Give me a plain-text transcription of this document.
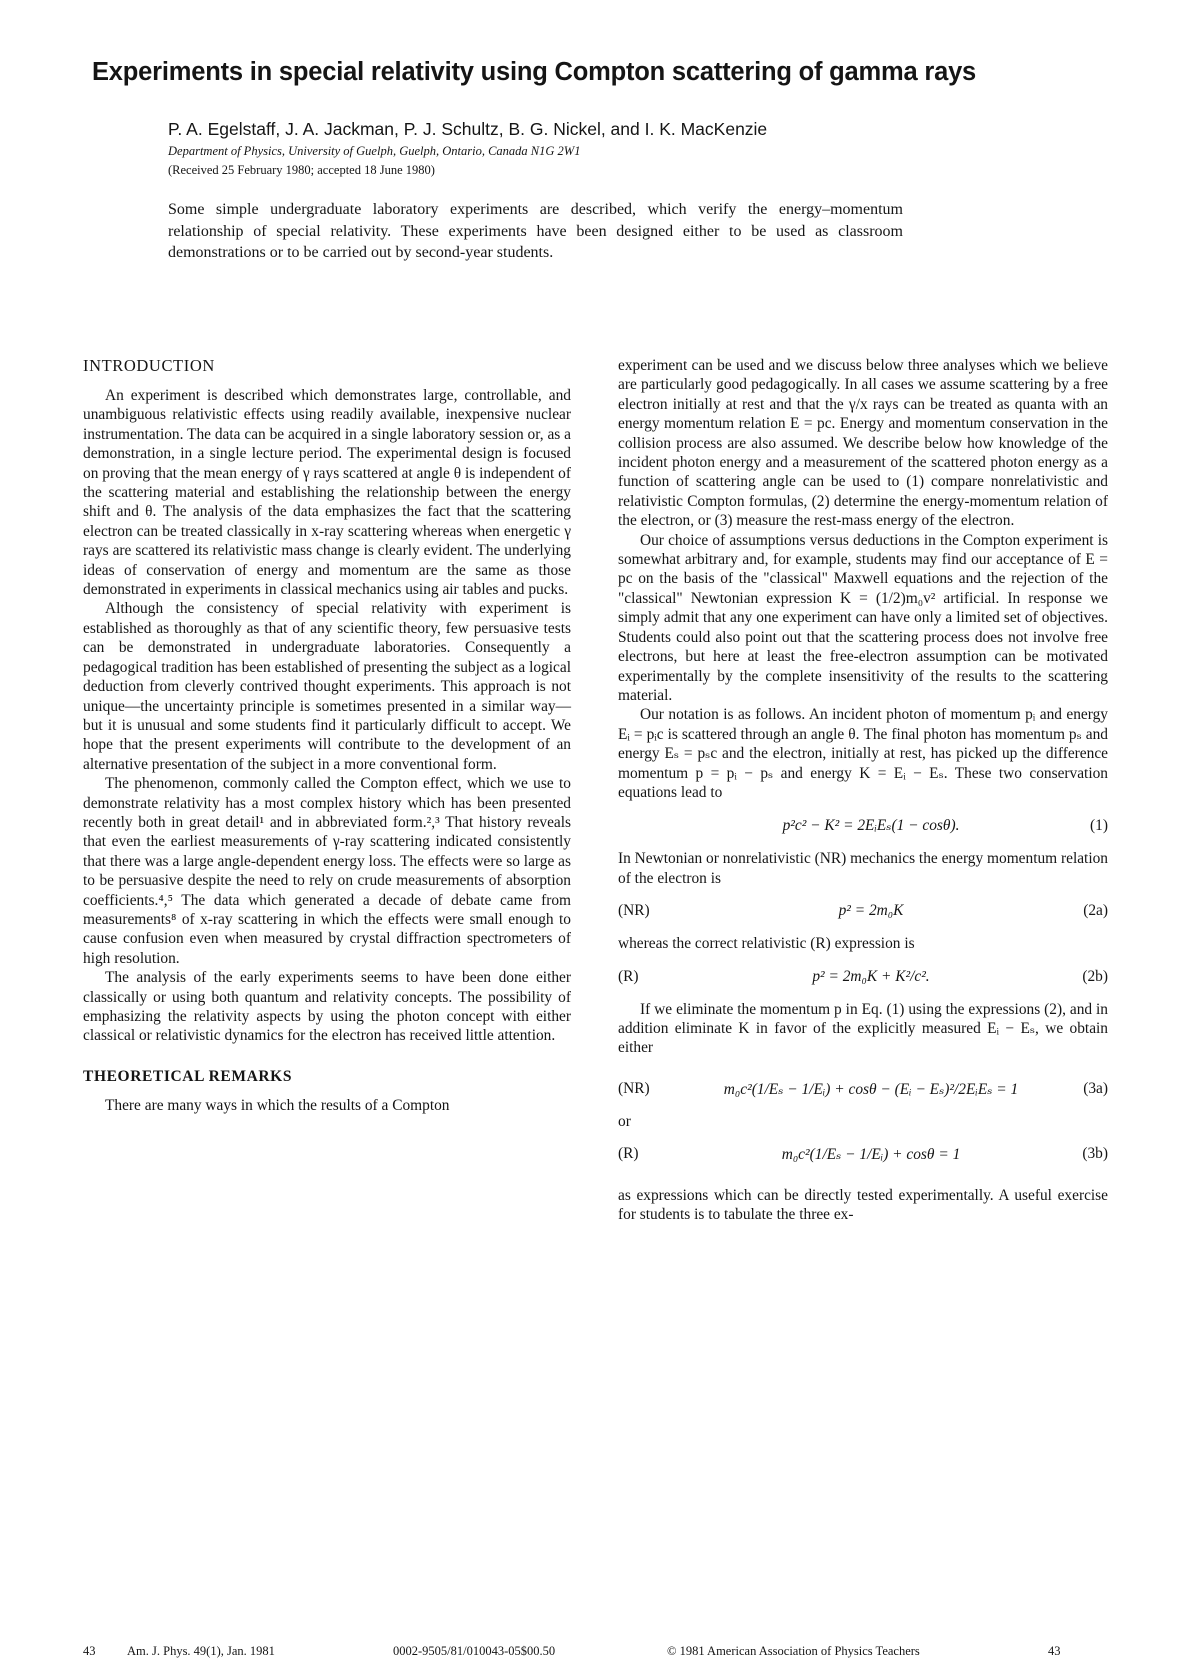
Experiments in special relativity using Compton scattering of gamma rays
P. A. Egelstaff, J. A. Jackman, P. J. Schultz, B. G. Nickel, and I. K. MacKenzie
Department of Physics, University of Guelph, Guelph, Ontario, Canada N1G 2W1
(Received 25 February 1980; accepted 18 June 1980)

Some simple undergraduate laboratory experiments are described, which verify the energy–momentum relationship of special relativity. These experiments have been designed either to be used as classroom demonstrations or to be carried out by second-year students.

INTRODUCTION

An experiment is described which demonstrates large, controllable, and unambiguous relativistic effects using readily available, inexpensive nuclear instrumentation. The data can be acquired in a single laboratory session or, as a demonstration, in a single lecture period. The experimental design is focused on proving that the mean energy of γ rays scattered at angle θ is independent of the scattering material and establishing the relationship between the energy shift and θ. The analysis of the data emphasizes the fact that the scattering electron can be treated classically in x-ray scattering whereas when energetic γ rays are scattered its relativistic mass change is clearly evident. The underlying ideas of conservation of energy and momentum are the same as those demonstrated in experiments in classical mechanics using air tables and pucks.

Although the consistency of special relativity with experiment is established as thoroughly as that of any scientific theory, few persuasive tests can be demonstrated in undergraduate laboratories. Consequently a pedagogical tradition has been established of presenting the subject as a logical deduction from cleverly contrived thought experiments. This approach is not unique—the uncertainty principle is sometimes presented in a similar way—but it is unusual and some students find it particularly difficult to accept. We hope that the present experiments will contribute to the development of an alternative presentation of the subject in a more conventional form.

The phenomenon, commonly called the Compton effect, which we use to demonstrate relativity has a most complex history which has been presented recently both in great detail¹ and in abbreviated form.²,³ That history reveals that even the earliest measurements of γ-ray scattering indicated consistently that there was a large angle-dependent energy loss. The effects were so large as to be persuasive despite the need to rely on crude measurements of absorption coefficients.⁴,⁵ The data which generated a decade of debate came from measurements⁸ of x-ray scattering in which the effects were small enough to cause confusion even when measured by crystal diffraction spectrometers of high resolution.

The analysis of the early experiments seems to have been done either classically or using both quantum and relativity concepts. The possibility of emphasizing the relativity aspects by using the photon concept with either classical or relativistic dynamics for the electron has received little attention.

THEORETICAL REMARKS

There are many ways in which the results of a Compton

experiment can be used and we discuss below three analyses which we believe are particularly good pedagogically. In all cases we assume scattering by a free electron initially at rest and that the γ/x rays can be treated as quanta with an energy momentum relation E = pc. Energy and momentum conservation in the collision process are also assumed. We describe below how knowledge of the incident photon energy and a measurement of the scattered photon energy as a function of scattering angle can be used to (1) compare nonrelativistic and relativistic Compton formulas, (2) determine the energy-momentum relation of the electron, or (3) measure the rest-mass energy of the electron.

Our choice of assumptions versus deductions in the Compton experiment is somewhat arbitrary and, for example, students may find our acceptance of E = pc on the basis of the "classical" Maxwell equations and the rejection of the "classical" Newtonian expression K = (1/2)m₀v² artificial. In response we simply admit that any one experiment can have only a limited set of objectives. Students could also point out that the scattering process does not involve free electrons, but here at least the free-electron assumption can be motivated experimentally by the complete insensitivity of the results to the scattering material.

Our notation is as follows. An incident photon of momentum pᵢ and energy Eᵢ = pᵢc is scattered through an angle θ. The final photon has momentum pₛ and energy Eₛ = pₛc and the electron, initially at rest, has picked up the difference momentum p = pᵢ − pₛ and energy K = Eᵢ − Eₛ. These two conservation equations lead to

p²c² − K² = 2EᵢEₛ(1 − cosθ).	(1)

In Newtonian or nonrelativistic (NR) mechanics the energy momentum relation of the electron is

(NR)	p² = 2m₀K	(2a)

whereas the correct relativistic (R) expression is

(R)	p² = 2m₀K + K²/c².	(2b)

If we eliminate the momentum p in Eq. (1) using the expressions (2), and in addition eliminate K in favor of the explicitly measured Eᵢ − Eₛ, we obtain either

(NR)	m₀c²(1/Eₛ − 1/Eᵢ) + cosθ − (Eᵢ − Eₛ)²/2EᵢEₛ = 1	(3a)
or
(R)	m₀c²(1/Eₛ − 1/Eᵢ) + cosθ = 1	(3b)

as expressions which can be directly tested experimentally. A useful exercise for students is to tabulate the three ex-

43	Am. J. Phys. 49(1), Jan. 1981	0002-9505/81/010043-05$00.50	© 1981 American Association of Physics Teachers	43
